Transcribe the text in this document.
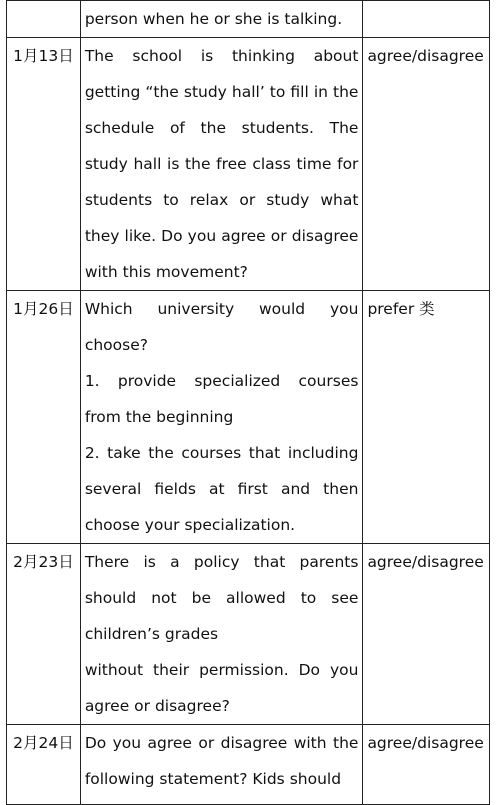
	person when he or she is talking.	

1月13日	The school is thinking about getting “the study hall’ to fill in the schedule of the students. The study hall is the free class time for students to relax or study what they like. Do you agree or disagree with this movement?	agree/disagree
1月26日	Which university would you choose?
1. provide specialized courses from the beginning
2. take the courses that including several fields at first and then choose your specialization.	prefer 类
2月23日	There is a policy that parents should not be allowed to see children’s grades
without their permission. Do you agree or disagree?	agree/disagree
2月24日	Do you agree or disagree with the following statement? Kids should	agree/disagree
